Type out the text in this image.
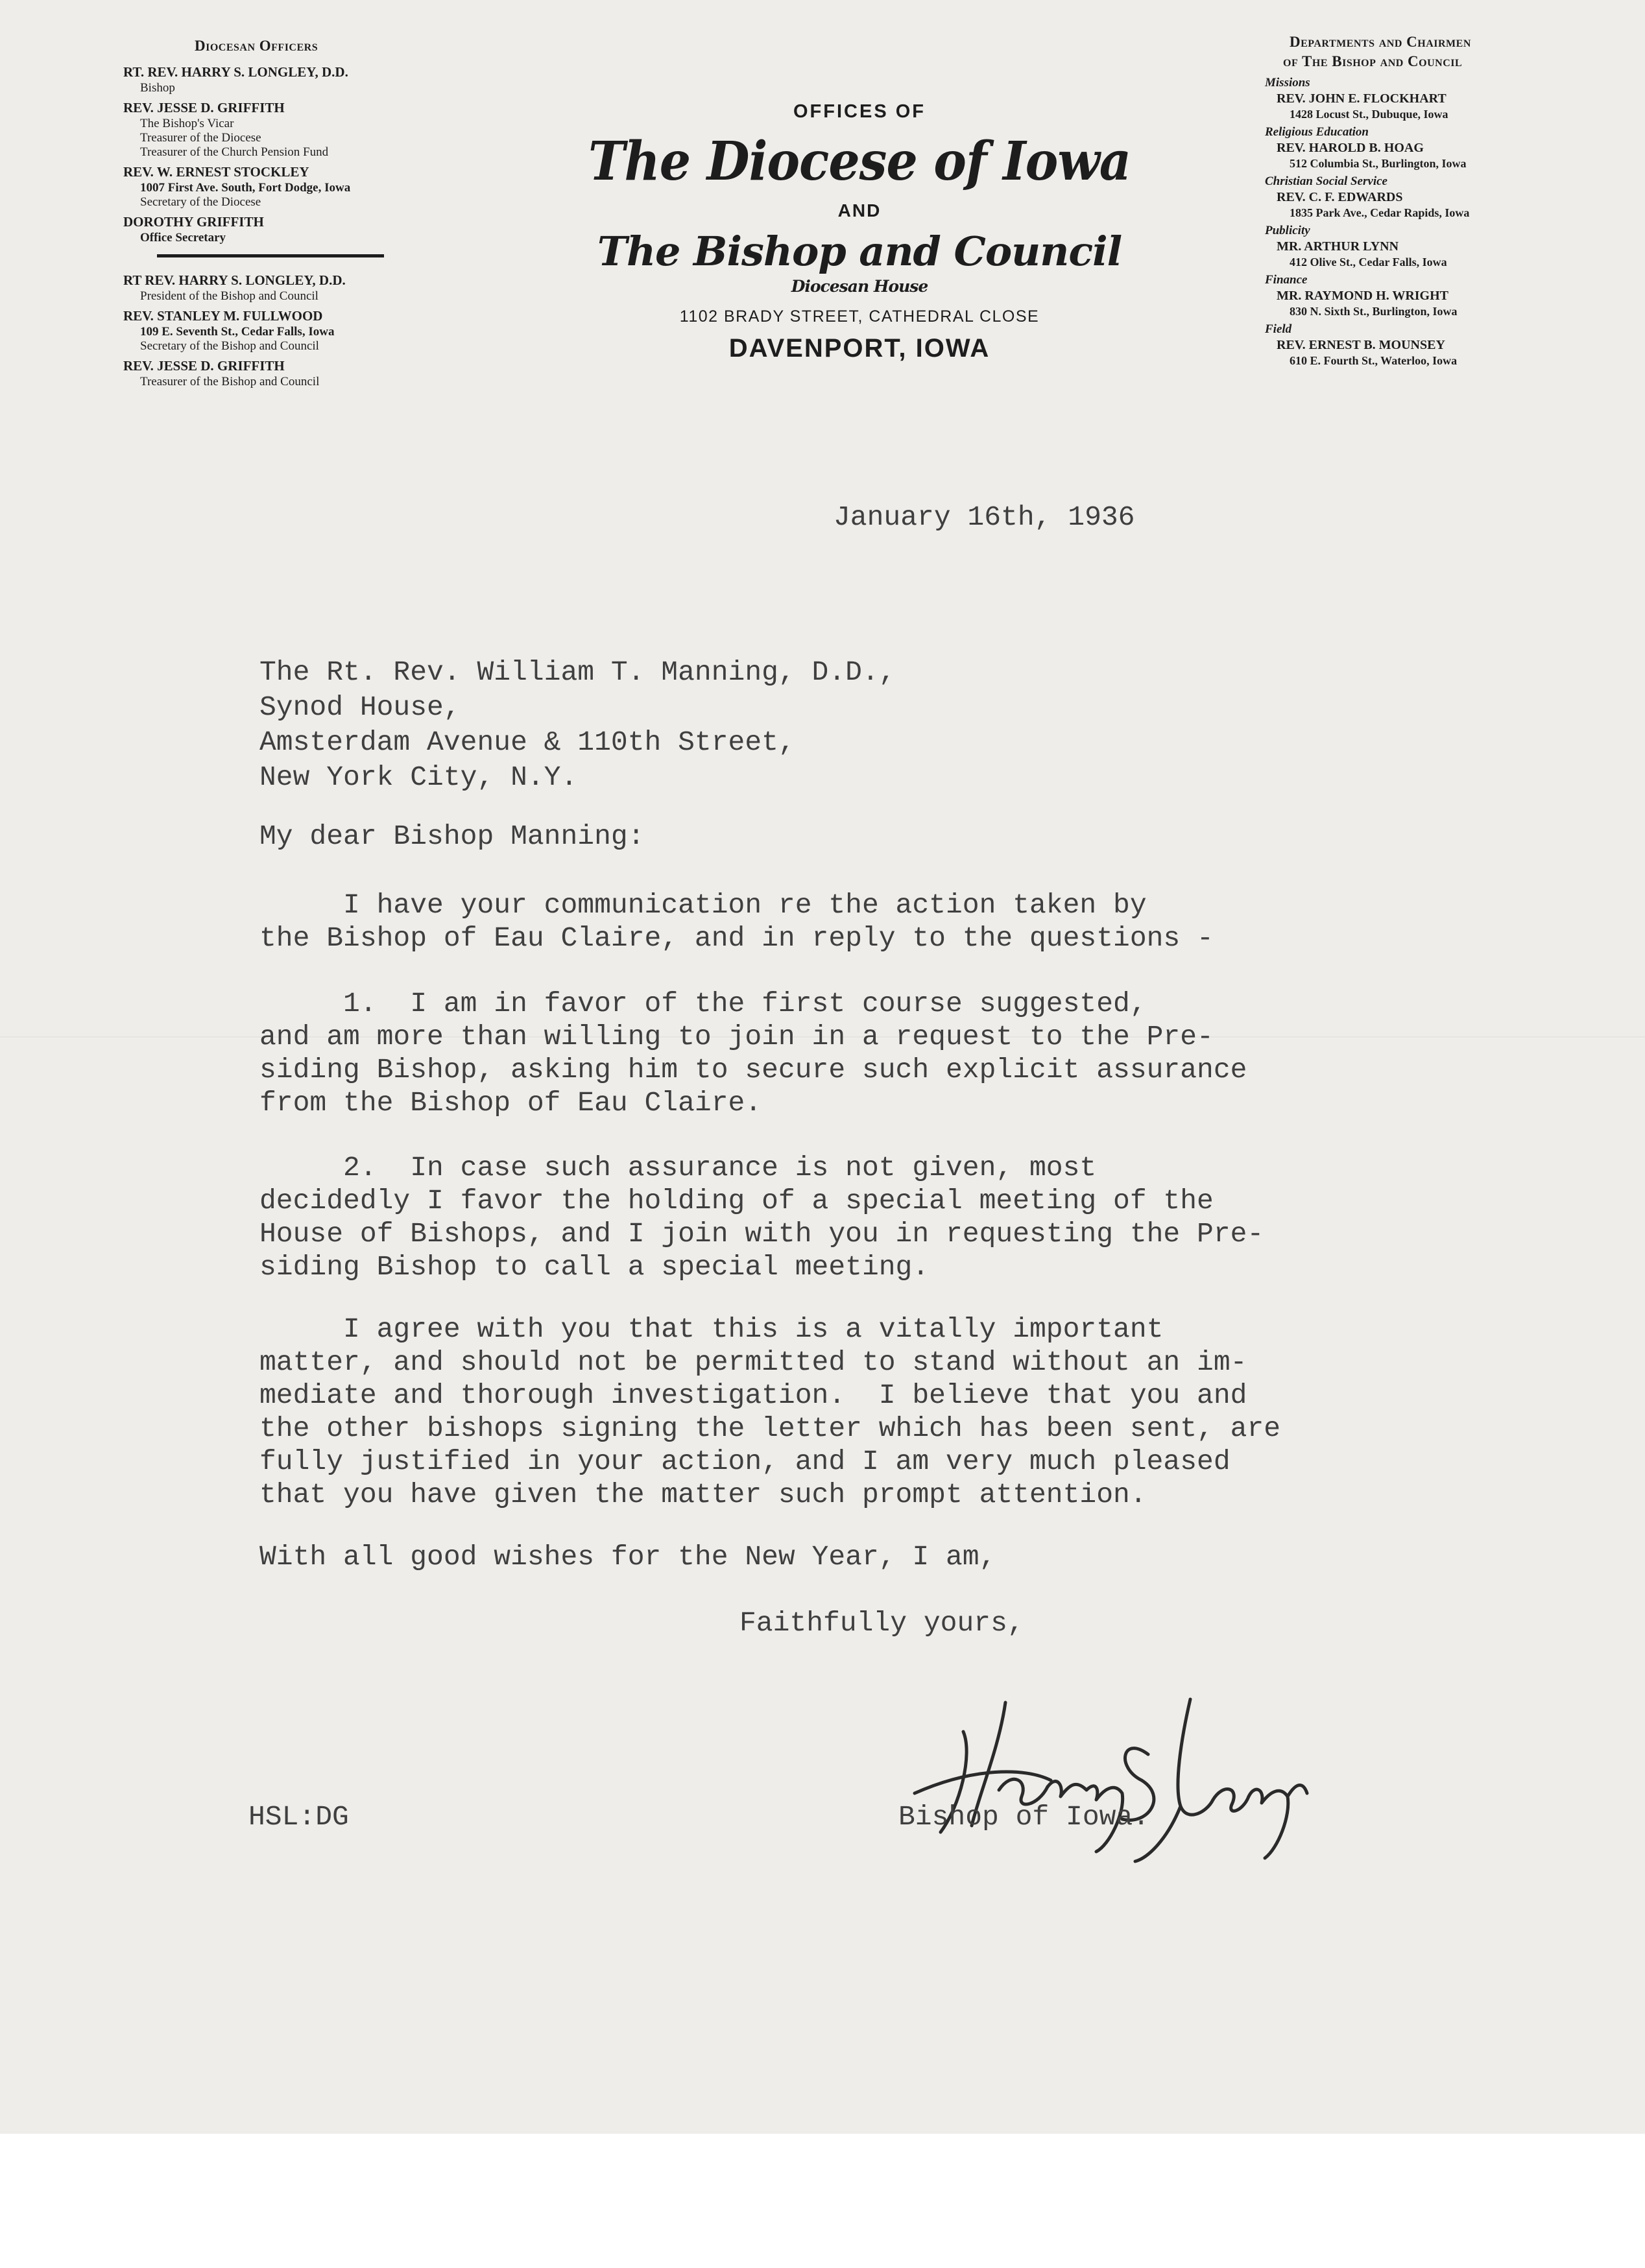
Diocesan Officers
RT. REV. HARRY S. LONGLEY, D.D.
Bishop
REV. JESSE D. GRIFFITH
The Bishop's Vicar
Treasurer of the Diocese
Treasurer of the Church Pension Fund
REV. W. ERNEST STOCKLEY
1007 First Ave. South, Fort Dodge, Iowa
Secretary of the Diocese
DOROTHY GRIFFITH
Office Secretary
RT REV. HARRY S. LONGLEY, D.D.
President of the Bishop and Council
REV. STANLEY M. FULLWOOD
109 E. Seventh St., Cedar Falls, Iowa
Secretary of the Bishop and Council
REV. JESSE D. GRIFFITH
Treasurer of the Bishop and Council
OFFICES OF
The Diocese of Iowa
AND
The Bishop and Council
Diocesan House
1102 BRADY STREET, CATHEDRAL CLOSE
DAVENPORT, IOWA
Departments and Chairmen
of The Bishop and Council
Missions
REV. JOHN E. FLOCKHART
1428 Locust St., Dubuque, Iowa
Religious Education
REV. HAROLD B. HOAG
512 Columbia St., Burlington, Iowa
Christian Social Service
REV. C. F. EDWARDS
1835 Park Ave., Cedar Rapids, Iowa
Publicity
MR. ARTHUR LYNN
412 Olive St., Cedar Falls, Iowa
Finance
MR. RAYMOND H. WRIGHT
830 N. Sixth St., Burlington, Iowa
Field
REV. ERNEST B. MOUNSEY
610 E. Fourth St., Waterloo, Iowa
January 16th, 1936
The Rt. Rev. William T. Manning, D.D.,
Synod House,
Amsterdam Avenue & 110th Street,
New York City, N.Y.
My dear Bishop Manning:
I have your communication re the action taken by
the Bishop of Eau Claire, and in reply to the questions -
1.  I am in favor of the first course suggested,
and am more than willing to join in a request to the Pre-
siding Bishop, asking him to secure such explicit assurance
from the Bishop of Eau Claire.
2.  In case such assurance is not given, most
decidedly I favor the holding of a special meeting of the
House of Bishops, and I join with you in requesting the Pre-
siding Bishop to call a special meeting.
I agree with you that this is a vitally important
matter, and should not be permitted to stand without an im-
mediate and thorough investigation.  I believe that you and
the other bishops signing the letter which has been sent, are
fully justified in your action, and I am very much pleased
that you have given the matter such prompt attention.
With all good wishes for the New Year, I am,
Faithfully yours,
Bishop of Iowa.
HSL:DG
